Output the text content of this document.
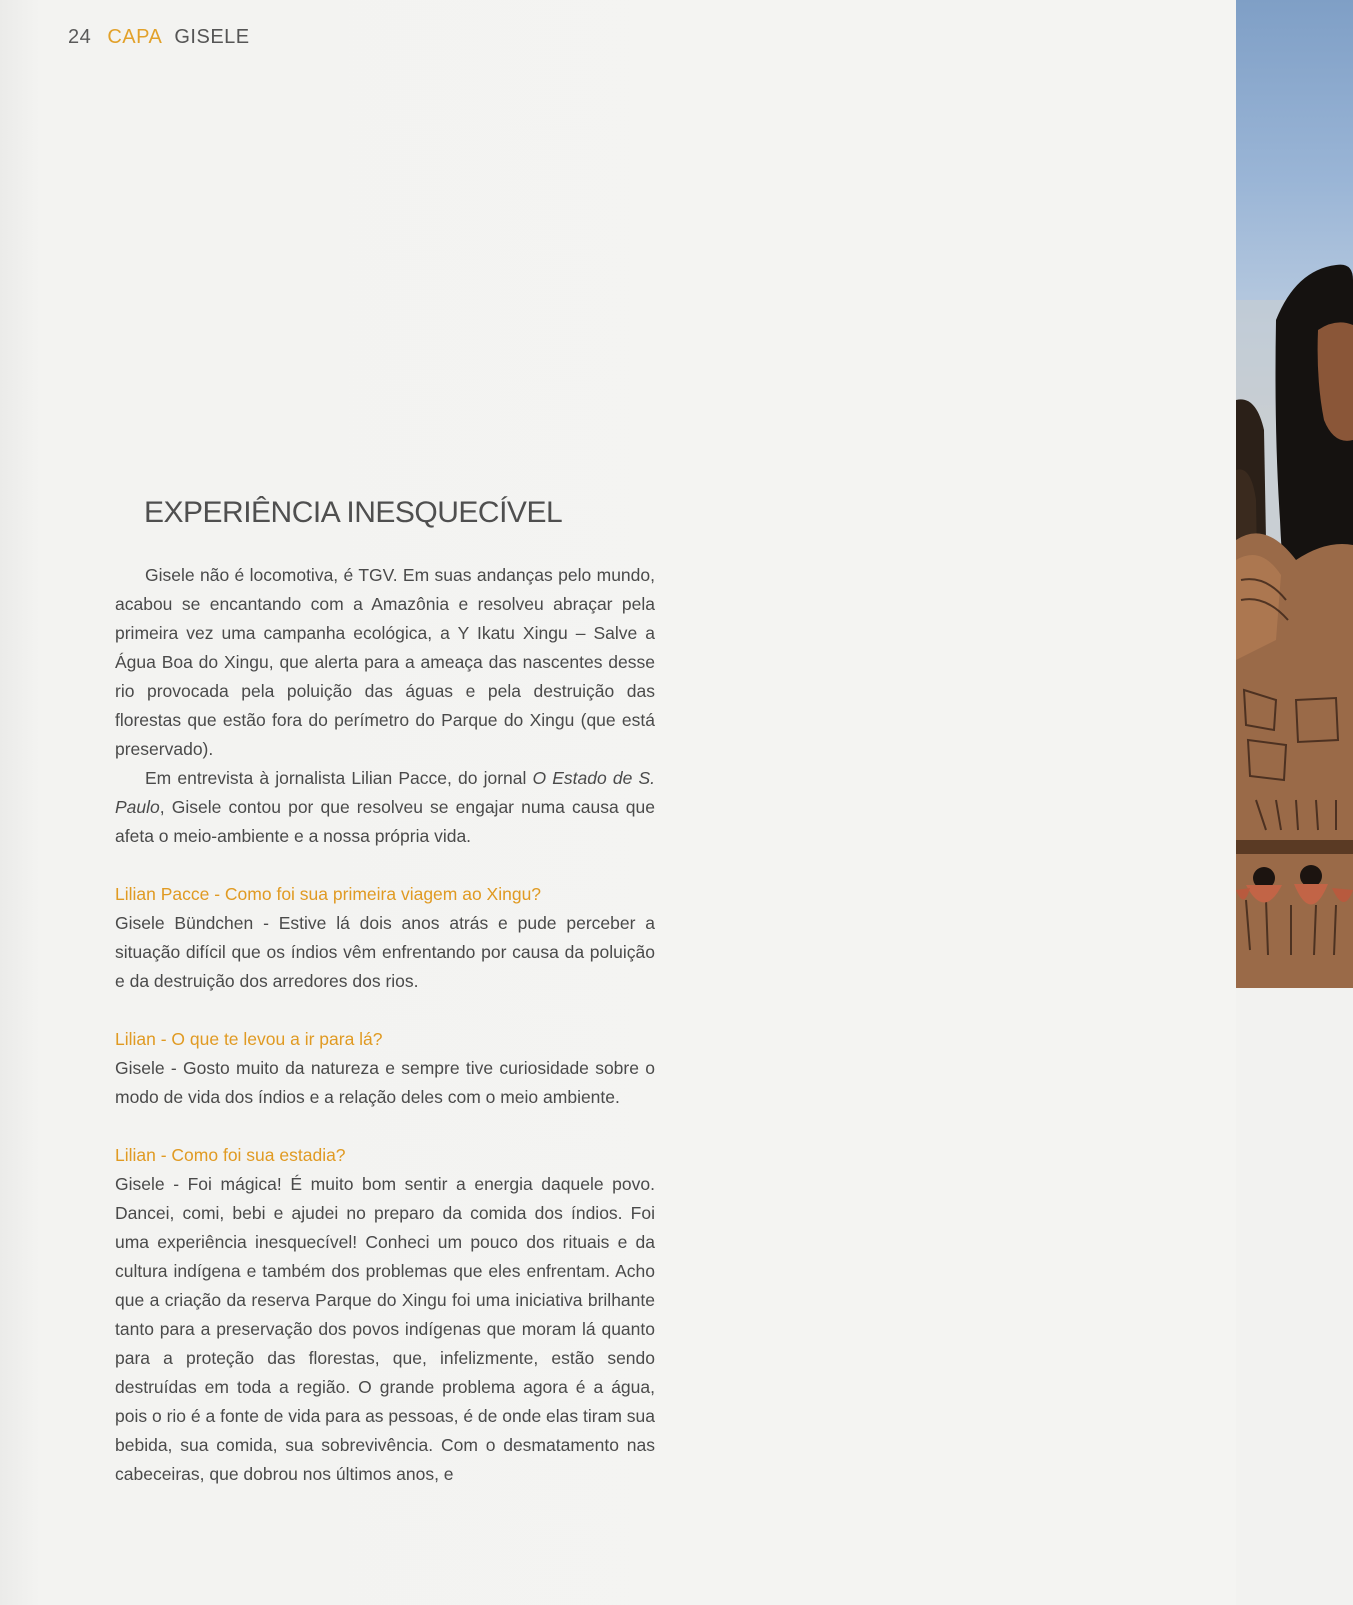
24 CAPA GISELE
EXPERIÊNCIA INESQUECÍVEL

Gisele não é locomotiva, é TGV. Em suas andanças pelo mundo, acabou se encantando com a Amazônia e resolveu abraçar pela primeira vez uma campanha ecológica, a Y Ikatu Xingu – Salve a Água Boa do Xingu, que alerta para a ameaça das nascentes desse rio provocada pela poluição das águas e pela destruição das florestas que estão fora do perímetro do Parque do Xingu (que está preservado).

Em entrevista à jornalista Lilian Pacce, do jornal O Estado de S. Paulo, Gisele contou por que resolveu se engajar numa causa que afeta o meio-ambiente e a nossa própria vida.

Lilian Pacce - Como foi sua primeira viagem ao Xingu?

Gisele Bündchen - Estive lá dois anos atrás e pude perceber a situação difícil que os índios vêm enfrentando por causa da poluição e da destruição dos arredores dos rios.

Lilian - O que te levou a ir para lá?

Gisele - Gosto muito da natureza e sempre tive curiosidade sobre o modo de vida dos índios e a relação deles com o meio ambiente.

Lilian - Como foi sua estadia?

Gisele - Foi mágica! É muito bom sentir a energia daquele povo. Dancei, comi, bebi e ajudei no preparo da comida dos índios. Foi uma experiência inesquecível! Conheci um pouco dos rituais e da cultura indígena e também dos problemas que eles enfrentam. Acho que a criação da reserva Parque do Xingu foi uma iniciativa brilhante tanto para a preservação dos povos indígenas que moram lá quanto para a proteção das florestas, que, infelizmente, estão sendo destruídas em toda a região. O grande problema agora é a água, pois o rio é a fonte de vida para as pessoas, é de onde elas tiram sua bebida, sua comida, sua sobrevivência. Com o desmatamento nas cabeceiras, que dobrou nos últimos anos, e
